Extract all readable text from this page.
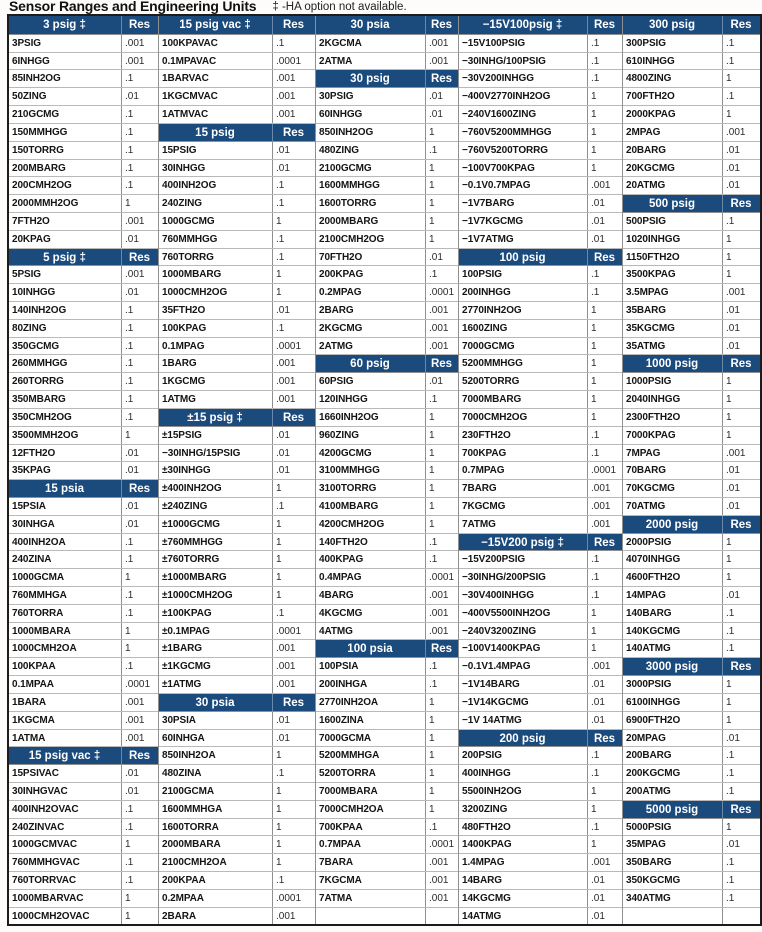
Sensor Ranges and Engineering Units ‡ -HA option not available.
3 psig ‡	Res
3PSIG	.001
6INHGG	.001
85INH2OG	.1
50ZING	.01
210GCMG	.1
150MMHGG	.1
150TORRG	.1
200MBARG	.1
200CMH2OG	.1
2000MMH2OG	1
7FTH2O	.001
20KPAG	.01
5 psig ‡	Res
5PSIG	.001
10INHGG	.01
140INH2OG	.1
80ZING	.1
350GCMG	.1
260MMHGG	.1
260TORRG	.1
350MBARG	.1
350CMH2OG	.1
3500MMH2OG	1
12FTH2O	.01
35KPAG	.01
15 psia	Res
15PSIA	.01
30INHGA	.01
400INH2OA	.1
240ZINA	.1
1000GCMA	1
760MMHGA	.1
760TORRA	.1
1000MBARA	1
1000CMH2OA	1
100KPAA	.1
0.1MPAA	.0001
1BARA	.001
1KGCMA	.001
1ATMA	.001
15 psig vac ‡	Res
15PSIVAC	.01
30INHGVAC	.01
400INH2OVAC	.1
240ZINVAC	.1
1000GCMVAC	1
760MMHGVAC	.1
760TORRVAC	.1
1000MBARVAC	1
1000CMH2OVAC	1
15 psig vac ‡	Res
100KPAVAC	.1
0.1MPAVAC	.0001
1BARVAC	.001
1KGCMVAC	.001
1ATMVAC	.001
15 psig	Res
15PSIG	.01
30INHGG	.01
400INH2OG	.1
240ZING	.1
1000GCMG	1
760MMHGG	.1
760TORRG	.1
1000MBARG	1
1000CMH2OG	1
35FTH2O	.01
100KPAG	.1
0.1MPAG	.0001
1BARG	.001
1KGCMG	.001
1ATMG	.001
±15 psig ‡	Res
±15PSIG	.01
−30INHG/15PSIG	.01
±30INHGG	.01
±400INH2OG	1
±240ZING	.1
±1000GCMG	1
±760MMHGG	1
±760TORRG	1
±1000MBARG	1
±1000CMH2OG	1
±100KPAG	.1
±0.1MPAG	.0001
±1BARG	.001
±1KGCMG	.001
±1ATMG	.001
30 psia	Res
30PSIA	.01
60INHGA	.01
850INH2OA	1
480ZINA	.1
2100GCMA	1
1600MMHGA	1
1600TORRA	1
2000MBARA	1
2100CMH2OA	1
200KPAA	.1
0.2MPAA	.0001
2BARA	.001
30 psia	Res
2KGCMA	.001
2ATMA	.001
30 psig	Res
30PSIG	.01
60INHGG	.01
850INH2OG	1
480ZING	.1
2100GCMG	1
1600MMHGG	1
1600TORRG	1
2000MBARG	1
2100CMH2OG	1
70FTH2O	.01
200KPAG	.1
0.2MPAG	.0001
2BARG	.001
2KGCMG	.001
2ATMG	.001
60 psig	Res
60PSIG	.01
120INHGG	.1
1660INH2OG	1
960ZING	1
4200GCMG	1
3100MMHGG	1
3100TORRG	1
4100MBARG	1
4200CMH2OG	1
140FTH2O	.1
400KPAG	.1
0.4MPAG	.0001
4BARG	.001
4KGCMG	.001
4ATMG	.001
100 psia	Res
100PSIA	.1
200INHGA	.1
2770INH2OA	1
1600ZINA	1
7000GCMA	1
5200MMHGA	1
5200TORRA	1
7000MBARA	1
7000CMH2OA	1
700KPAA	.1
0.7MPAA	.0001
7BARA	.001
7KGCMA	.001
7ATMA	.001
−15V100psig ‡	Res
−15V100PSIG	.1
−30INHG/100PSIG	.1
−30V200INHGG	.1
−400V2770INH2OG	1
−240V1600ZING	1
−760V5200MMHGG	1
−760V5200TORRG	1
−100V700KPAG	1
−0.1V0.7MPAG	.001
−1V7BARG	.01
−1V7KGCMG	.01
−1V7ATMG	.01
100 psig	Res
100PSIG	.1
200INHGG	.1
2770INH2OG	1
1600ZING	1
7000GCMG	1
5200MMHGG	1
5200TORRG	1
7000MBARG	1
7000CMH2OG	1
230FTH2O	.1
700KPAG	.1
0.7MPAG	.0001
7BARG	.001
7KGCMG	.001
7ATMG	.001
−15V200 psig ‡	Res
−15V200PSIG	.1
−30INHG/200PSIG	.1
−30V400INHGG	.1
−400V5500INH2OG	1
−240V3200ZING	1
−100V1400KPAG	1
−0.1V1.4MPAG	.001
−1V14BARG	.01
−1V14KGCMG	.01
−1V 14ATMG	.01
200 psig	Res
200PSIG	.1
400INHGG	.1
5500INH2OG	1
3200ZING	1
480FTH2O	.1
1400KPAG	1
1.4MPAG	.001
14BARG	.01
14KGCMG	.01
14ATMG	.01
300 psig	Res
300PSIG	.1
610INHGG	.1
4800ZING	1
700FTH2O	.1
2000KPAG	1
2MPAG	.001
20BARG	.01
20KGCMG	.01
20ATMG	.01
500 psig	Res
500PSIG	.1
1020INHGG	1
1150FTH2O	1
3500KPAG	1
3.5MPAG	.001
35BARG	.01
35KGCMG	.01
35ATMG	.01
1000 psig	Res
1000PSIG	1
2040INHGG	1
2300FTH2O	1
7000KPAG	1
7MPAG	.001
70BARG	.01
70KGCMG	.01
70ATMG	.01
2000 psig	Res
2000PSIG	1
4070INHGG	1
4600FTH2O	1
14MPAG	.01
140BARG	.1
140KGCMG	.1
140ATMG	.1
3000 psig	Res
3000PSIG	1
6100INHGG	1
6900FTH2O	1
20MPAG	.01
200BARG	.1
200KGCMG	.1
200ATMG	.1
5000 psig	Res
5000PSIG	1
35MPAG	.01
350BARG	.1
350KGCMG	.1
340ATMG	.1
